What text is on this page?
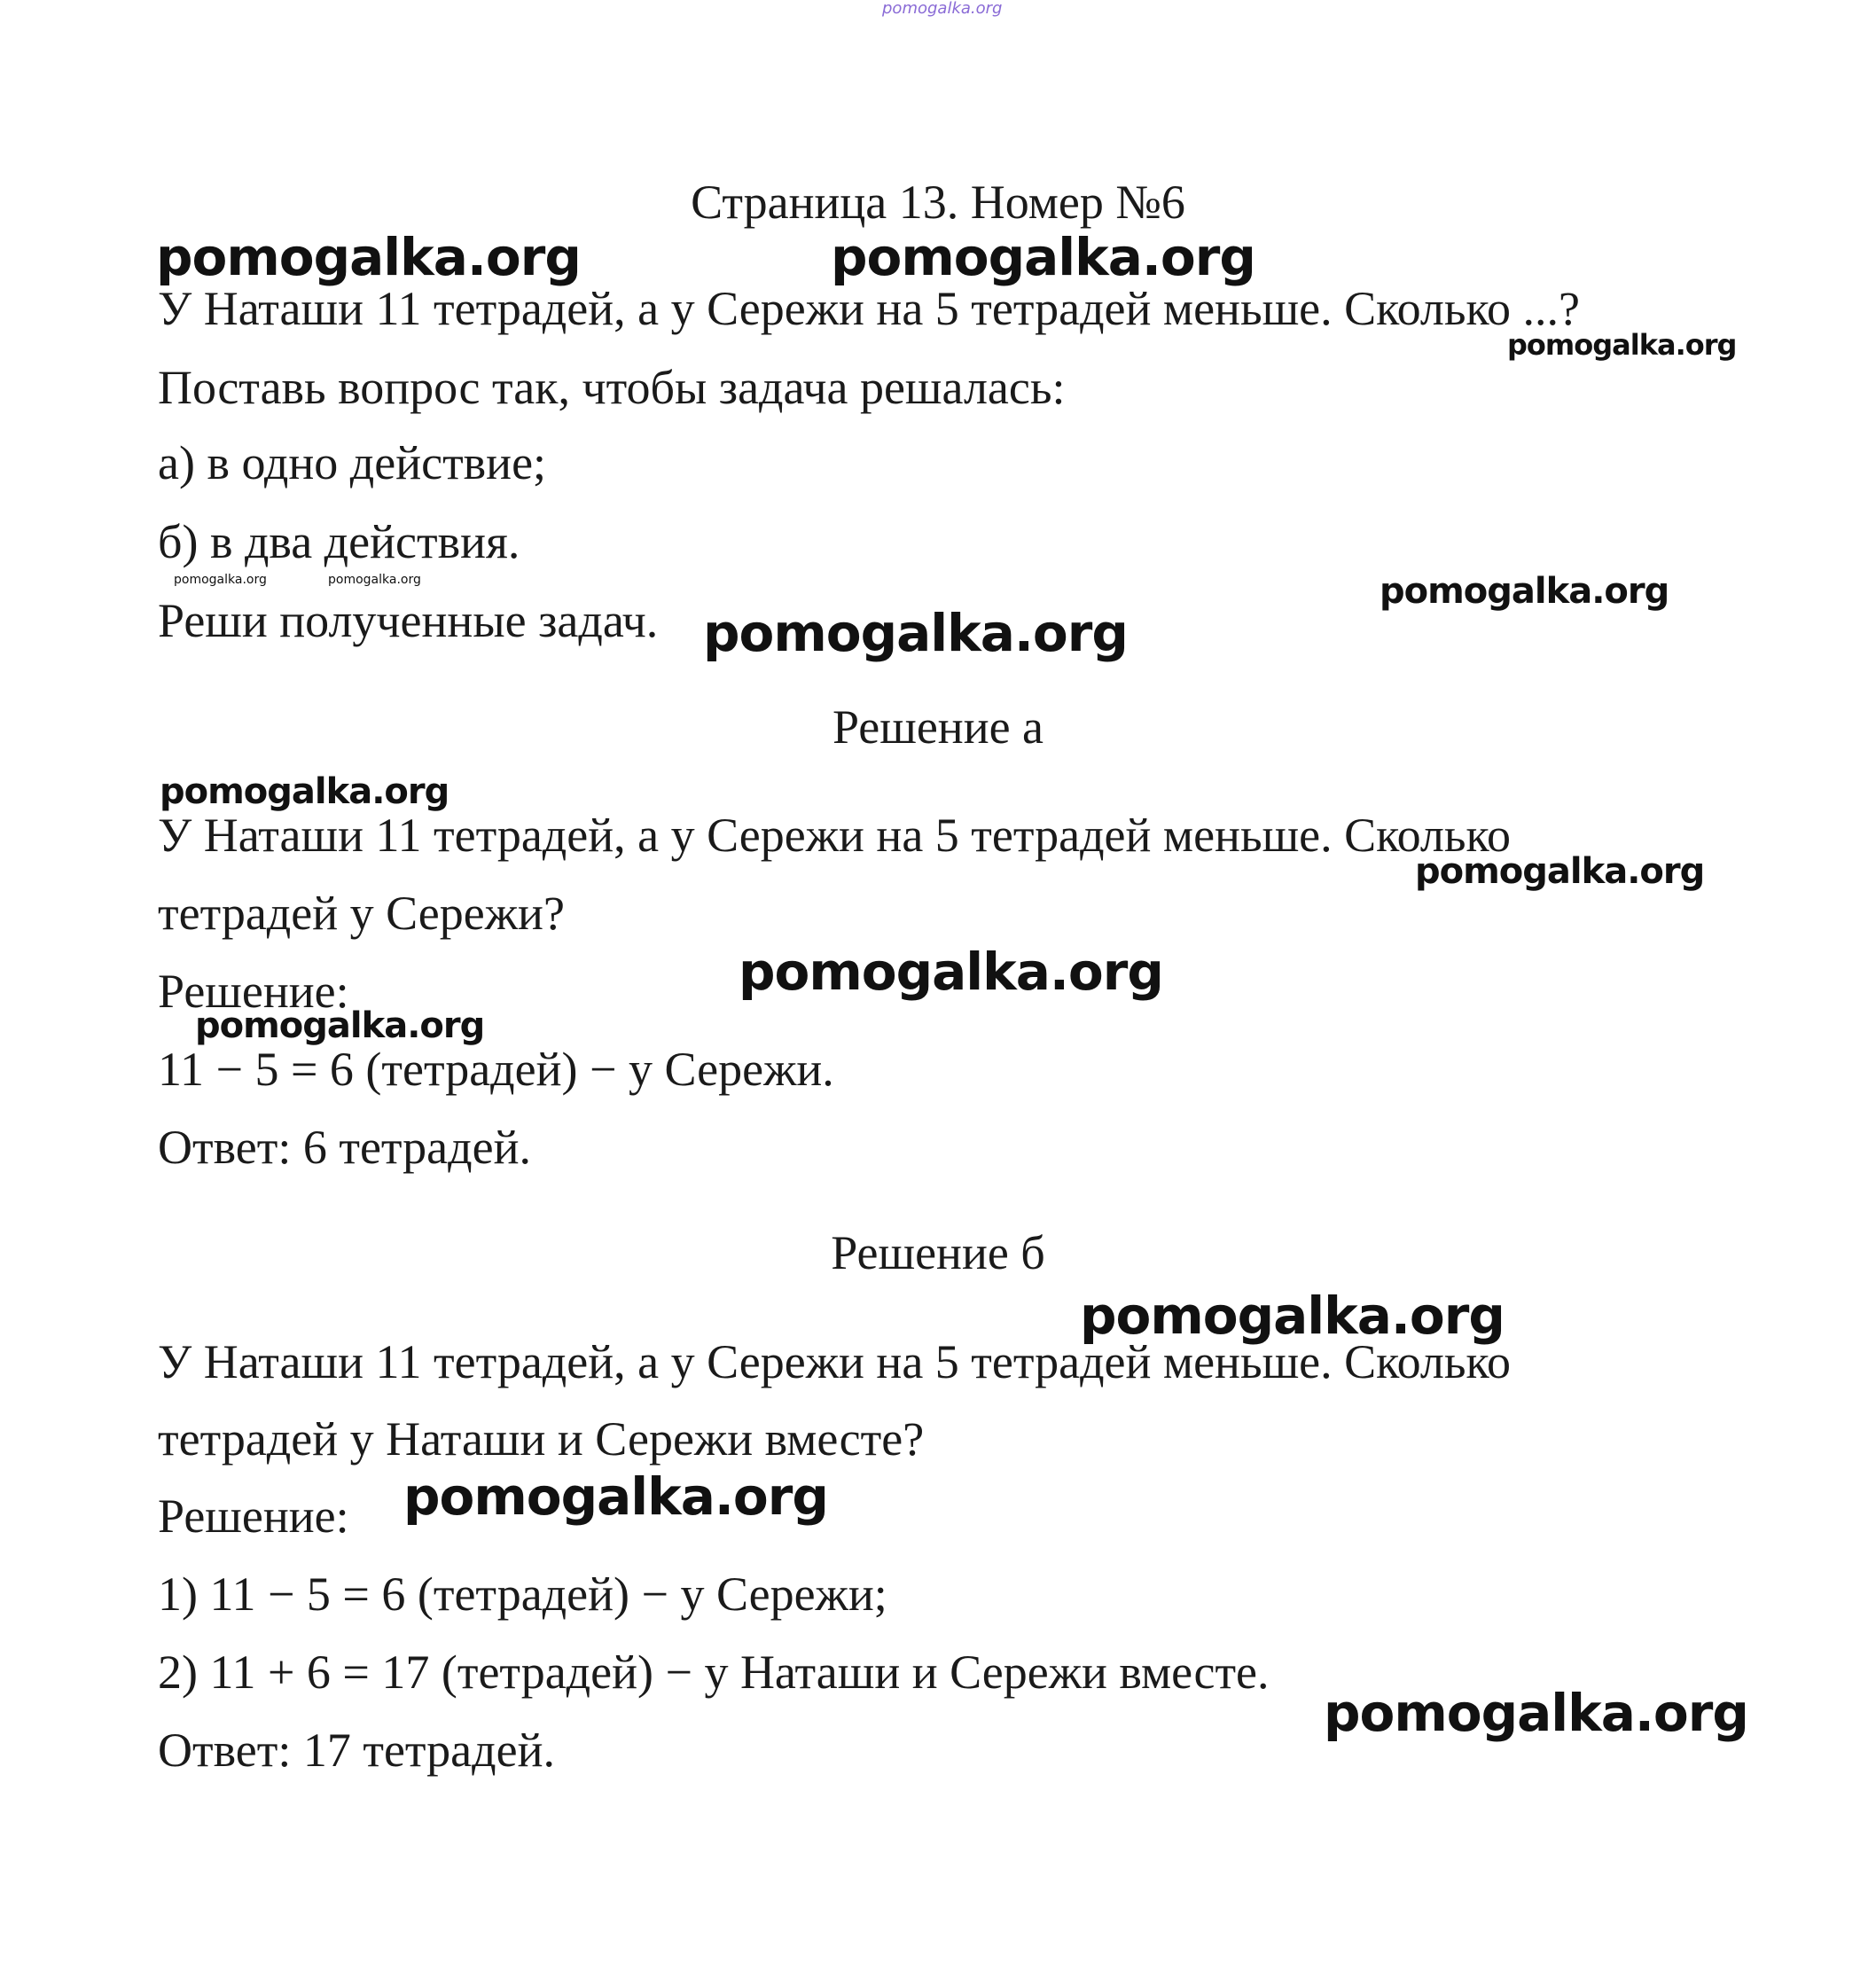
pomogalka.org
Страница 13. Номер №6

У Наташи 11 тетрадей, а у Сережи на 5 тетрадей меньше. Сколько ...?

Поставь вопрос так, чтобы задача решалась:

а) в одно действие;

б) в два действия.

Реши полученные задач.

Решение а

У Наташи 11 тетрадей, а у Сережи на 5 тетрадей меньше. Сколько

тетрадей у Сережи?

Решение:

11 − 5 = 6 (тетрадей) − у Сережи.

Ответ: 6 тетрадей.

Решение б

У Наташи 11 тетрадей, а у Сережи на 5 тетрадей меньше. Сколько

тетрадей у Наташи и Сережи вместе?

Решение:

1) 11 − 5 = 6 (тетрадей) − у Сережи;

2) 11 + 6 = 17 (тетрадей) − у Наташи и Сережи вместе.

Ответ: 17 тетрадей.

pomogalka.org	pomogalka.org
pomogalka.org
pomogalka.org	pomogalka.org	pomogalka.org
pomogalka.org
pomogalka.org
pomogalka.org
pomogalka.org
pomogalka.org
pomogalka.org
pomogalka.org
pomogalka.org
